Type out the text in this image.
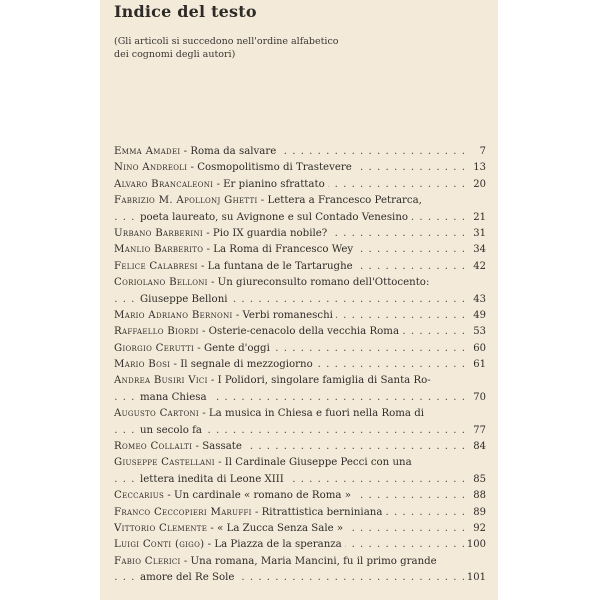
Indice del testo
(Gli articoli si succedono nell'ordine alfabetico dei cognomi degli autori)
Emma Amadei - Roma da salvare	7
. . .
Nino Andreoli - Cosmopolitismo di Trastevere	13
. . .
Alvaro Brancaleoni - Er pianino sfrattato	20
. . .
Fabrizio M. Apollonj Ghetti - Lettera a Francesco Petrarca,
poeta laureato, su Avignone e sul Contado Venesino	21
. . .
Urbano Barberini - Pio IX guardia nobile?	31
. . .
Manlio Barberito - La Roma di Francesco Wey	34
. . .
Felice Calabresi - La funtana de le Tartarughe	42
. . .
Coriolano Belloni - Un giureconsulto romano dell'Ottocento:
Giuseppe Belloni	43
. . .
Mario Adriano Bernoni - Verbi romaneschi	49
. . .
Raffaello Biordi - Osterie-cenacolo della vecchia Roma	53
. . .
Giorgio Cerutti - Gente d'oggi	60
. . .
Mario Bosi - Il segnale di mezzogiorno	61
. . .
Andrea Busiri Vici - I Polidori, singolare famiglia di Santa Ro-
mana Chiesa	70
. . .
Augusto Cartoni - La musica in Chiesa e fuori nella Roma di
un secolo fa	77
. . .
Romeo Collalti - Sassate	84
. . .
Giuseppe Castellani - Il Cardinale Giuseppe Pecci con una
lettera inedita di Leone XIII	85
. . .
Ceccarius - Un cardinale « romano de Roma »	88
. . .
Franco Ceccopieri Maruffi - Ritrattistica berniniana	89
. . .
Vittorio Clemente - « La Zucca Senza Sale »	92
. . .
Luigi Conti (gigo) - La Piazza de la speranza	100
. . .
Fabio Clerici - Una romana, Maria Mancini, fu il primo grande
amore del Re Sole	101
. . .
